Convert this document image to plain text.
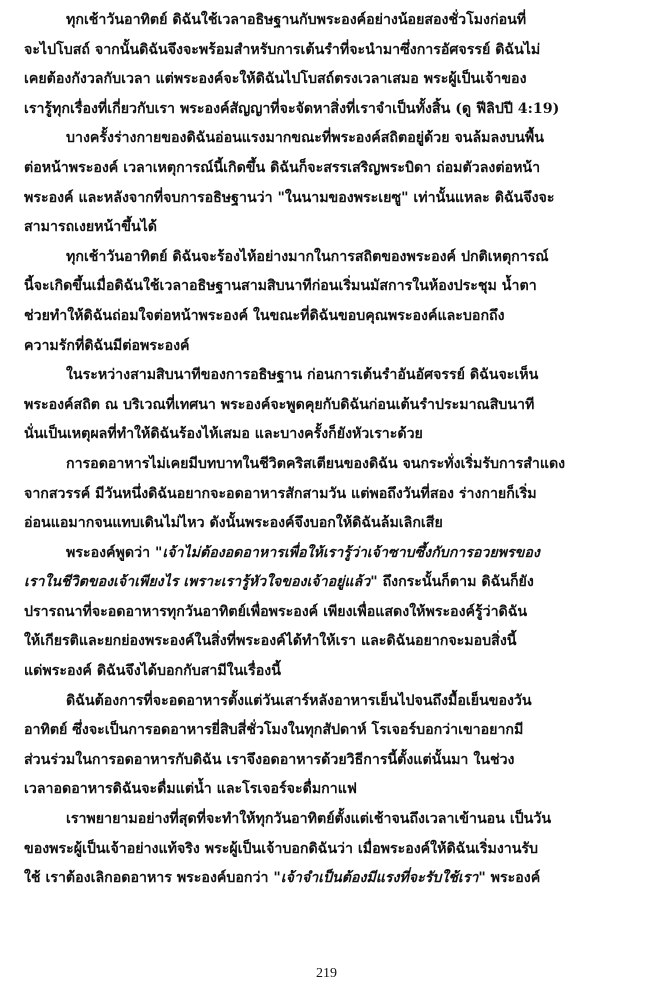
ทุกเช้าวันอาทิตย์ ดิฉันใช้เวลาอธิษฐานกับพระองค์อย่างน้อยสองชั่วโมงก่อนที่
จะไปโบสถ์ จากนั้นดิฉันจึงจะพร้อมสำหรับการเต้นรำที่จะนำมาซึ่งการอัศจรรย์ ดิฉันไม่
เคยต้องกังวลกับเวลา แต่พระองค์จะให้ดิฉันไปโบสถ์ตรงเวลาเสมอ พระผู้เป็นเจ้าของ
เรารู้ทุกเรื่องที่เกี่ยวกับเรา พระองค์สัญญาที่จะจัดหาสิ่งที่เราจำเป็นทั้งสิ้น (ดู ฟีลิปปี 4:19)

บางครั้งร่างกายของดิฉันอ่อนแรงมากขณะที่พระองค์สถิตอยู่ด้วย จนล้มลงบนพื้น
ต่อหน้าพระองค์ เวลาเหตุการณ์นี้เกิดขึ้น ดิฉันก็จะสรรเสริญพระบิดา ถ่อมตัวลงต่อหน้า
พระองค์ และหลังจากที่จบการอธิษฐานว่า "ในนามของพระเยซู" เท่านั้นแหละ ดิฉันจึงจะ
สามารถเงยหน้าขึ้นได้

ทุกเช้าวันอาทิตย์ ดิฉันจะร้องไห้อย่างมากในการสถิตของพระองค์ ปกติเหตุการณ์
นี้จะเกิดขึ้นเมื่อดิฉันใช้เวลาอธิษฐานสามสิบนาทีก่อนเริ่มนมัสการในห้องประชุม น้ำตา
ช่วยทำให้ดิฉันถ่อมใจต่อหน้าพระองค์ ในขณะที่ดิฉันขอบคุณพระองค์และบอกถึง
ความรักที่ดิฉันมีต่อพระองค์

ในระหว่างสามสิบนาทีของการอธิษฐาน ก่อนการเต้นรำอันอัศจรรย์ ดิฉันจะเห็น
พระองค์สถิต ณ บริเวณที่เทศนา พระองค์จะพูดคุยกับดิฉันก่อนเต้นรำประมาณสิบนาที
นั่นเป็นเหตุผลที่ทำให้ดิฉันร้องไห้เสมอ และบางครั้งก็ยังหัวเราะด้วย

การอดอาหารไม่เคยมีบทบาทในชีวิตคริสเตียนของดิฉัน จนกระทั่งเริ่มรับการสำแดง
จากสวรรค์ มีวันหนึ่งดิฉันอยากจะอดอาหารสักสามวัน แต่พอถึงวันที่สอง ร่างกายก็เริ่ม
อ่อนแอมากจนแทบเดินไม่ไหว ดังนั้นพระองค์จึงบอกให้ดิฉันล้มเลิกเสีย

พระองค์พูดว่า "เจ้าไม่ต้องอดอาหารเพื่อให้เรารู้ว่าเจ้าซาบซึ้งกับการอวยพรของ
เราในชีวิตของเจ้าเพียงไร เพราะเรารู้หัวใจของเจ้าอยู่แล้ว" ถึงกระนั้นก็ตาม ดิฉันก็ยัง
ปรารถนาที่จะอดอาหารทุกวันอาทิตย์เพื่อพระองค์ เพียงเพื่อแสดงให้พระองค์รู้ว่าดิฉัน
ให้เกียรติและยกย่องพระองค์ในสิ่งที่พระองค์ได้ทำให้เรา และดิฉันอยากจะมอบสิ่งนี้
แด่พระองค์ ดิฉันจึงได้บอกกับสามีในเรื่องนี้

ดิฉันต้องการที่จะอดอาหารตั้งแต่วันเสาร์หลังอาหารเย็นไปจนถึงมื้อเย็นของวัน
อาทิตย์ ซึ่งจะเป็นการอดอาหารยี่สิบสี่ชั่วโมงในทุกสัปดาห์ โรเจอร์บอกว่าเขาอยากมี
ส่วนร่วมในการอดอาหารกับดิฉัน เราจึงอดอาหารด้วยวิธีการนี้ตั้งแต่นั้นมา ในช่วง
เวลาอดอาหารดิฉันจะดื่มแต่น้ำ และโรเจอร์จะดื่มกาแฟ

เราพยายามอย่างที่สุดที่จะทำให้ทุกวันอาทิตย์ตั้งแต่เช้าจนถึงเวลาเข้านอน เป็นวัน
ของพระผู้เป็นเจ้าอย่างแท้จริง พระผู้เป็นเจ้าบอกดิฉันว่า เมื่อพระองค์ให้ดิฉันเริ่มงานรับ
ใช้ เราต้องเลิกอดอาหาร พระองค์บอกว่า "เจ้าจำเป็นต้องมีแรงที่จะรับใช้เรา" พระองค์

219
